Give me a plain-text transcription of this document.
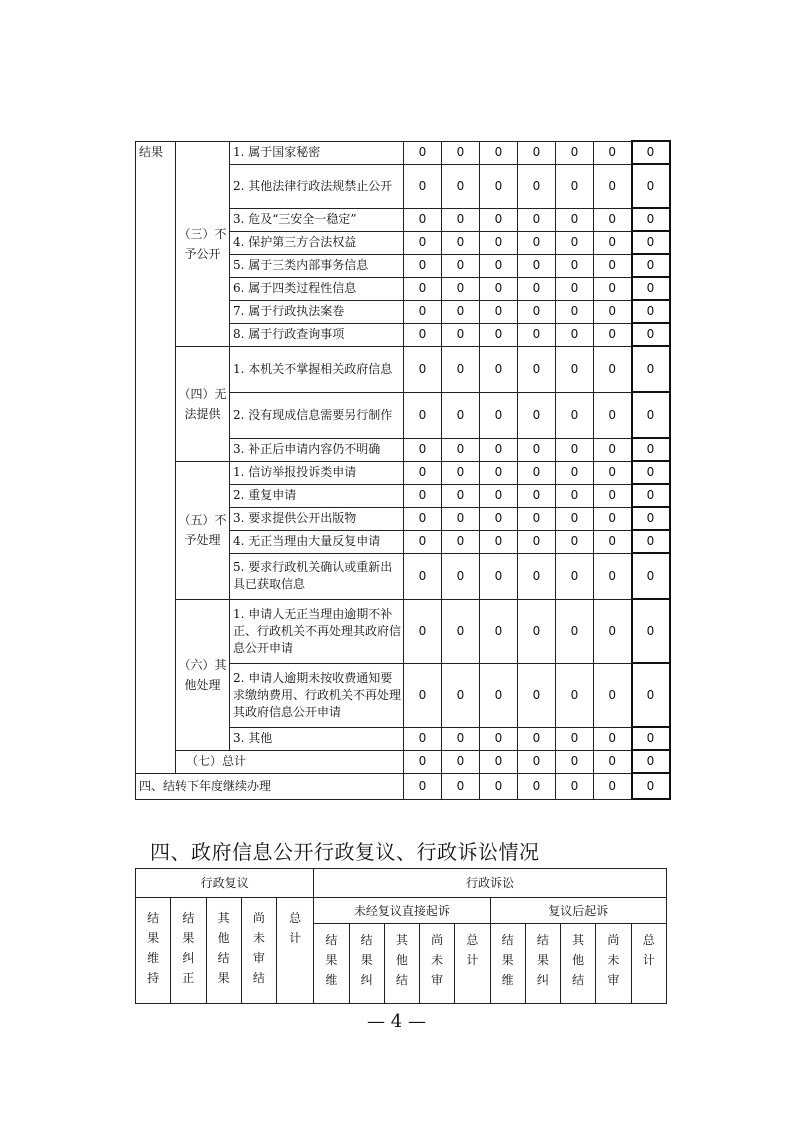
结果	（三）不予公开	1. 属于国家秘密	0	0	0	0	0	0	0
		2. 其他法律行政法规禁止公开	0	0	0	0	0	0	0
		3. 危及“三安全一稳定”	0	0	0	0	0	0	0
		4. 保护第三方合法权益	0	0	0	0	0	0	0
		5. 属于三类内部事务信息	0	0	0	0	0	0	0
		6. 属于四类过程性信息	0	0	0	0	0	0	0
		7. 属于行政执法案卷	0	0	0	0	0	0	0
		8. 属于行政查询事项	0	0	0	0	0	0	0
	（四）无法提供	1. 本机关不掌握相关政府信息	0	0	0	0	0	0	0
		2. 没有现成信息需要另行制作	0	0	0	0	0	0	0
		3. 补正后申请内容仍不明确	0	0	0	0	0	0	0
	（五）不予处理	1. 信访举报投诉类申请	0	0	0	0	0	0	0
		2. 重复申请	0	0	0	0	0	0	0
		3. 要求提供公开出版物	0	0	0	0	0	0	0
		4. 无正当理由大量反复申请	0	0	0	0	0	0	0
		5. 要求行政机关确认或重新出具已获取信息	0	0	0	0	0	0	0
	（六）其他处理	1. 申请人无正当理由逾期不补正、行政机关不再处理其政府信息公开申请	0	0	0	0	0	0	0
		2. 申请人逾期未按收费通知要求缴纳费用、行政机关不再处理其政府信息公开申请	0	0	0	0	0	0	0
		3. 其他	0	0	0	0	0	0	0
	（七）总计		0	0	0	0	0	0	0
四、结转下年度继续办理			0	0	0	0	0	0	0
四、政府信息公开行政复议、行政诉讼情况
行政复议					行政诉讼									
结果维持	结果纠正	其他结果	尚未审结	总计	未经复议直接起诉					复议后起诉				
					结果维	结果纠	其他结	尚未审	总计	结果维	结果纠	其他结	尚未审	总计
— 4 —
